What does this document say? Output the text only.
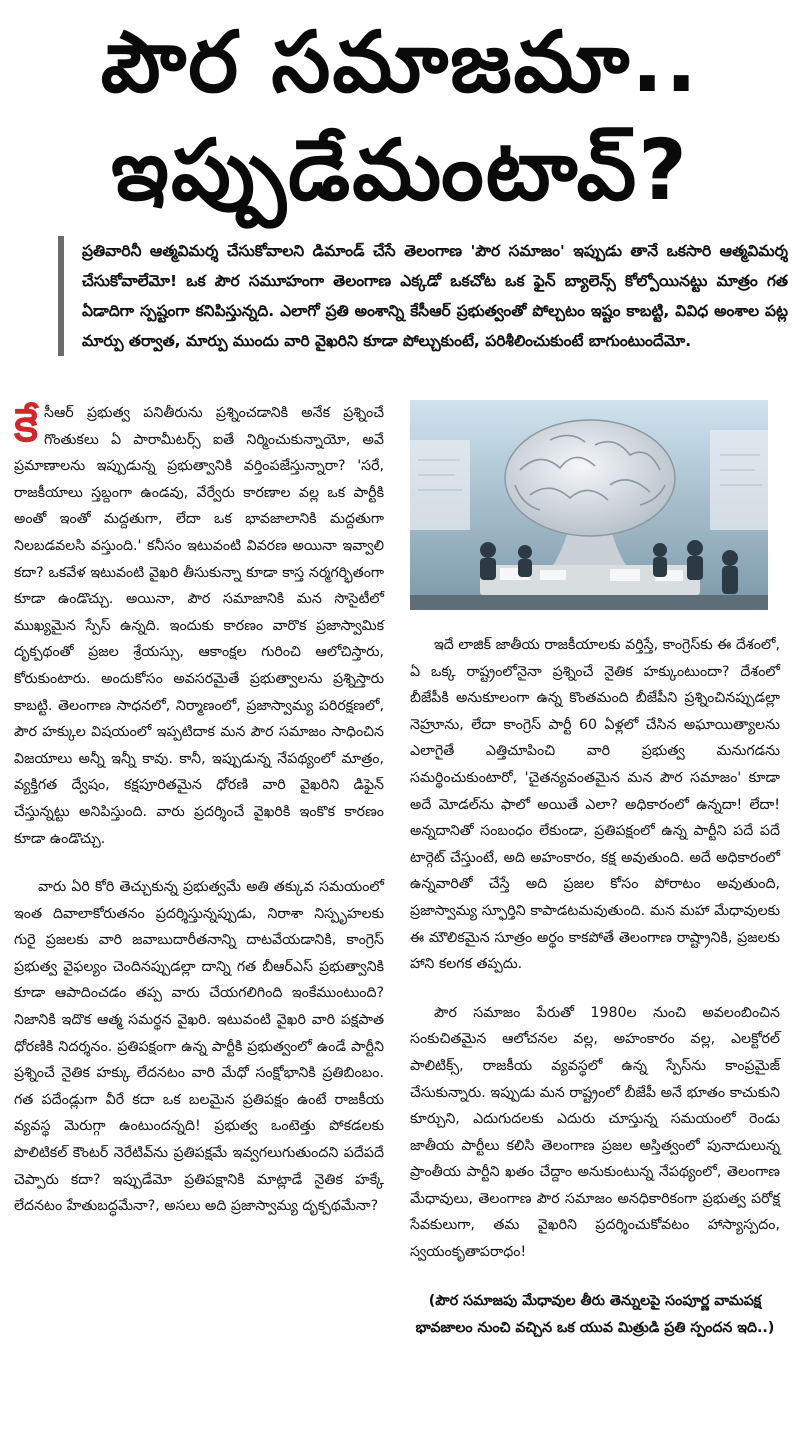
పౌర సమాజమా..
ఇప్పుడేమంటావ్?
ప్రతివారినీ ఆత్మవిమర్శ చేసుకోవాలని డిమాండ్ చేసే తెలంగాణ 'పౌర సమాజం' ఇప్పుడు తానే ఒకసారి ఆత్మవిమర్శ చేసుకోవాలేమో! ఒక పౌర సమూహంగా తెలంగాణ ఎక్కడో ఒకచోట ఒక ఫైన్ బ్యాలెన్స్ కోల్పోయినట్టు మాత్రం గత ఏడాదిగా స్పష్టంగా కనిపిస్తున్నది. ఎలాగో ప్రతి అంశాన్ని కేసీఆర్ ప్రభుత్వంతో పోల్చటం ఇష్టం కాబట్టి, వివిధ అంశాల పట్ల మార్పు తర్వాత, మార్పు ముందు వారి వైఖరిని కూడా పోల్చుకుంటే, పరిశీలించుకుంటే బాగుంటుందేమో.

కేసీఆర్ ప్రభుత్వ పనితీరును ప్రశ్నించడానికి అనేక ప్రశ్నించే గొంతుకలు ఏ పారామీటర్స్ ఐతే నిర్మించుకున్నాయో, అవే ప్రమాణాలను ఇప్పుడున్న ప్రభుత్వానికి వర్తింపజేస్తున్నారా? 'సరే, రాజకీయాలు స్తబ్దంగా ఉండవు, వేర్వేరు కారణాల వల్ల ఒక పార్టీకి అంతో ఇంతో మద్దతుగా, లేదా ఒక భావజాలానికి మద్దతుగా నిలబడవలసి వస్తుంది.' కనీసం ఇటువంటి వివరణ అయినా ఇవ్వాలి కదా? ఒకవేళ ఇటువంటి వైఖరి తీసుకున్నా కూడా కాస్త నర్మగర్భితంగా కూడా ఉండొచ్చు. అయినా, పౌర సమాజానికి మన సొసైటీలో ముఖ్యమైన స్పేస్ ఉన్నది. ఇందుకు కారణం వారొక ప్రజాస్వామిక దృక్పథంతో ప్రజల శ్రేయస్సు, ఆకాంక్షల గురించి ఆలోచిస్తారు, కోరుకుంటారు. అందుకోసం అవసరమైతే ప్రభుత్వాలను ప్రశ్నిస్తారు కాబట్టి. తెలంగాణ సాధనలో, నిర్మాణంలో, ప్రజాస్వామ్య పరిరక్షణలో, పౌర హక్కుల విషయంలో ఇప్పటిదాక మన పౌర సమాజం సాధించిన విజయాలు అన్నీ ఇన్నీ కావు. కానీ, ఇప్పుడున్న నేపథ్యంలో మాత్రం, వ్యక్తిగత ద్వేషం, కక్షపూరితమైన ధోరణి వారి వైఖరిని డిఫైన్ చేస్తున్నట్టు అనిపిస్తుంది. వారు ప్రదర్శించే వైఖరికి ఇంకొక కారణం కూడా ఉండొచ్చు.

వారు ఏరి కోరి తెచ్చుకున్న ప్రభుత్వమే అతి తక్కువ సమయంలో ఇంత దివాలాకోరుతనం ప్రదర్శిస్తున్నప్పుడు, నిరాశా నిస్పృహలకు గురై ప్రజలకు వారి జవాబుదారీతనాన్ని దాటవేయడానికి, కాంగ్రెస్ ప్రభుత్వ వైఫల్యం చెందినప్పుడల్లా దాన్ని గత బీఆర్ఎస్ ప్రభుత్వానికి కూడా ఆపాదించడం తప్ప వారు చేయగలిగింది ఇంకేముంటుంది? నిజానికి ఇదొక ఆత్మ సమర్థన వైఖరి. ఇటువంటి వైఖరి వారి పక్షపాత ధోరణికి నిదర్శనం. ప్రతిపక్షంగా ఉన్న పార్టీకి ప్రభుత్వంలో ఉండే పార్టీని ప్రశ్నించే నైతిక హక్కు లేదనటం వారి మేధో సంక్షోభానికి ప్రతిబింబం. గత పదేండ్లుగా వీరే కదా ఒక బలమైన ప్రతిపక్షం ఉంటే రాజకీయ వ్యవస్థ మెరుగ్గా ఉంటుందన్నది! ప్రభుత్వ ఒంటెత్తు పోకడలకు పొలిటికల్ కౌంటర్ నెరేటివ్‌ను ప్రతిపక్షమే ఇవ్వగలుగుతుందని పదేపదే చెప్పారు కదా? ఇప్పుడేమో ప్రతిపక్షానికి మాట్లాడే నైతిక హక్కే లేదనటం హేతుబద్ధమేనా?, అసలు అది ప్రజాస్వామ్య దృక్పథమేనా?

ఇదే లాజిక్ జాతీయ రాజకీయాలకు వర్తిస్తే, కాంగ్రెస్‌కు ఈ దేశంలో, ఏ ఒక్క రాష్ట్రంలోనైనా ప్రశ్నించే నైతిక హక్కుంటుందా? దేశంలో బీజేపీకి అనుకూలంగా ఉన్న కొంతమంది బీజేపీని ప్రశ్నించినప్పుడల్లా నెహ్రూను, లేదా కాంగ్రెస్ పార్టీ 60 ఏళ్లలో చేసిన అఘాయిత్యాలను ఎలాగైతే ఎత్తిచూపించి వారి ప్రభుత్వ మనుగడను సమర్థించుకుంటారో, 'చైతన్యవంతమైన మన పౌర సమాజం' కూడా అదే మోడల్‌ను ఫాలో అయితే ఎలా? అధికారంలో ఉన్నదా! లేదా! అన్నదానితో సంబంధం లేకుండా, ప్రతిపక్షంలో ఉన్న పార్టీని పదే పదే టార్గెట్ చేస్తుంటే, అది అహంకారం, కక్ష అవుతుంది. అదే అధికారంలో ఉన్నవారితో చేస్తే అది ప్రజల కోసం పోరాటం అవుతుంది, ప్రజాస్వామ్య స్ఫూర్తిని కాపాడటమవుతుంది. మన మహా మేధావులకు ఈ మౌలికమైన సూత్రం అర్థం కాకపోతే తెలంగాణ రాష్ట్రానికి, ప్రజలకు హాని కలగక తప్పదు.

పౌర సమాజం పేరుతో 1980ల నుంచి అవలంబించిన సంకుచితమైన ఆలోచనల వల్ల, అహంకారం వల్ల, ఎలక్టోరల్ పాలిటిక్స్, రాజకీయ వ్యవస్థలో ఉన్న స్పేస్‌ను కాంప్రమైజ్ చేసుకున్నారు. ఇప్పుడు మన రాష్ట్రంలో బీజేపీ అనే భూతం కాచుకుని కూర్చుని, ఎదుగుదలకు ఎదురు చూస్తున్న సమయంలో రెండు జాతీయ పార్టీలు కలిసి తెలంగాణ ప్రజల అస్తిత్వంలో పునాదులున్న ప్రాంతీయ పార్టీని ఖతం చేద్దాం అనుకుంటున్న నేపథ్యంలో, తెలంగాణ మేధావులు, తెలంగాణ పౌర సమాజం అనధికారికంగా ప్రభుత్వ పరోక్ష సేవకులుగా, తమ వైఖరిని ప్రదర్శించుకోవటం హాస్యాస్పదం, స్వయంకృతాపరాధం!

(పౌర సమాజపు మేధావుల తీరు తెన్నులపై సంపూర్ణ వామపక్ష భావజాలం నుంచి వచ్చిన ఒక యువ మిత్రుడి ప్రతి స్పందన ఇది..)
